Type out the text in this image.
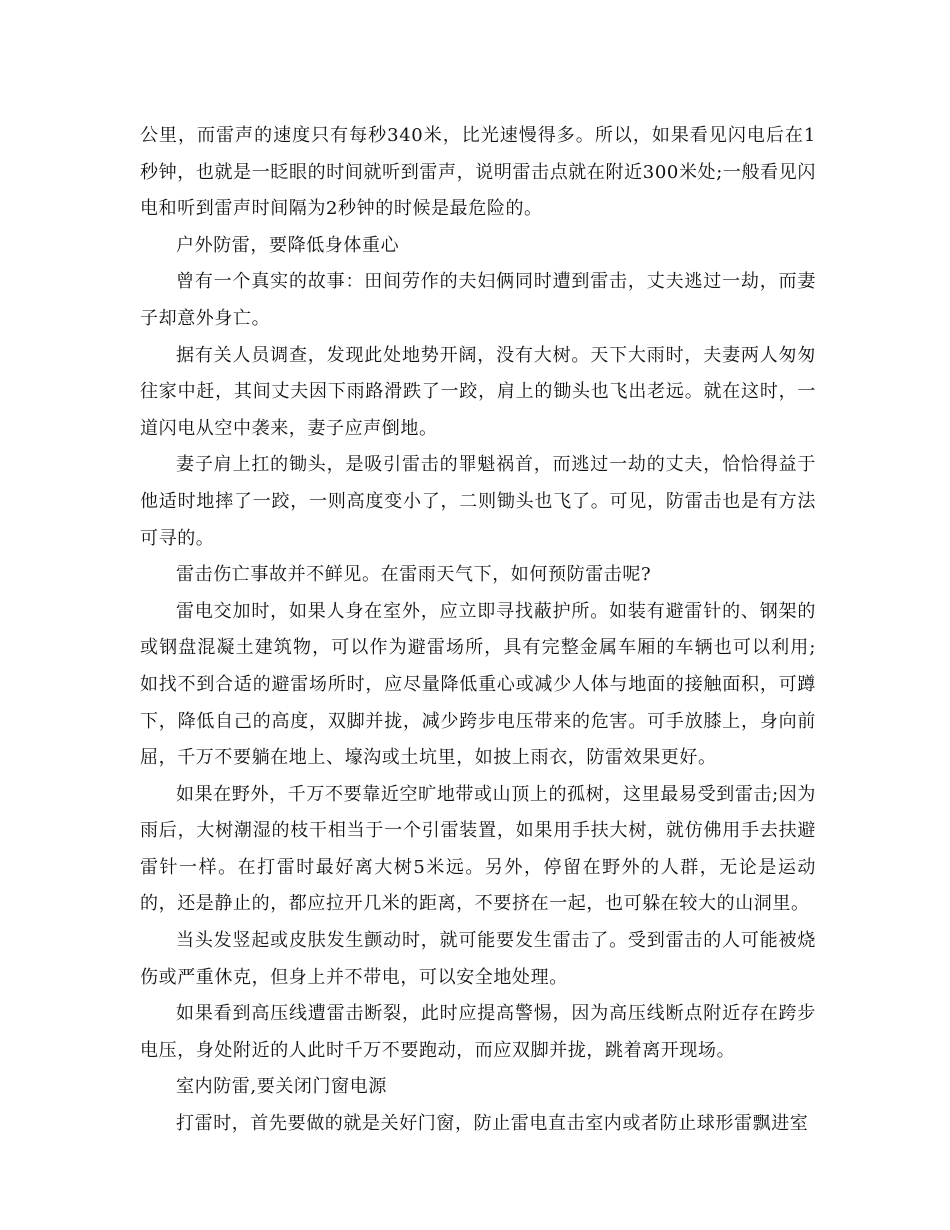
公里，而雷声的速度只有每秒340米，比光速慢得多。所以，如果看见闪电后在1秒钟，也就是一眨眼的时间就听到雷声，说明雷击点就在附近300米处;一般看见闪电和听到雷声时间隔为2秒钟的时候是最危险的。

户外防雷，要降低身体重心

曾有一个真实的故事：田间劳作的夫妇俩同时遭到雷击，丈夫逃过一劫，而妻子却意外身亡。

据有关人员调查，发现此处地势开阔，没有大树。天下大雨时，夫妻两人匆匆往家中赶，其间丈夫因下雨路滑跌了一跤，肩上的锄头也飞出老远。就在这时，一道闪电从空中袭来，妻子应声倒地。

妻子肩上扛的锄头，是吸引雷击的罪魁祸首，而逃过一劫的丈夫，恰恰得益于他适时地摔了一跤，一则高度变小了，二则锄头也飞了。可见，防雷击也是有方法可寻的。

雷击伤亡事故并不鲜见。在雷雨天气下，如何预防雷击呢?

雷电交加时，如果人身在室外，应立即寻找蔽护所。如装有避雷针的、钢架的或钢盘混凝土建筑物，可以作为避雷场所，具有完整金属车厢的车辆也可以利用;如找不到合适的避雷场所时，应尽量降低重心或减少人体与地面的接触面积，可蹲下，降低自己的高度，双脚并拢，减少跨步电压带来的危害。可手放膝上，身向前屈，千万不要躺在地上、壕沟或土坑里，如披上雨衣，防雷效果更好。

如果在野外，千万不要靠近空旷地带或山顶上的孤树，这里最易受到雷击;因为雨后，大树潮湿的枝干相当于一个引雷装置，如果用手扶大树，就仿佛用手去扶避雷针一样。在打雷时最好离大树5米远。另外，停留在野外的人群，无论是运动的，还是静止的，都应拉开几米的距离，不要挤在一起，也可躲在较大的山洞里。

当头发竖起或皮肤发生颤动时，就可能要发生雷击了。受到雷击的人可能被烧伤或严重休克，但身上并不带电，可以安全地处理。

如果看到高压线遭雷击断裂，此时应提高警惕，因为高压线断点附近存在跨步电压，身处附近的人此时千万不要跑动，而应双脚并拢，跳着离开现场。

室内防雷,要关闭门窗电源

打雷时，首先要做的就是关好门窗，防止雷电直击室内或者防止球形雷飘进室
